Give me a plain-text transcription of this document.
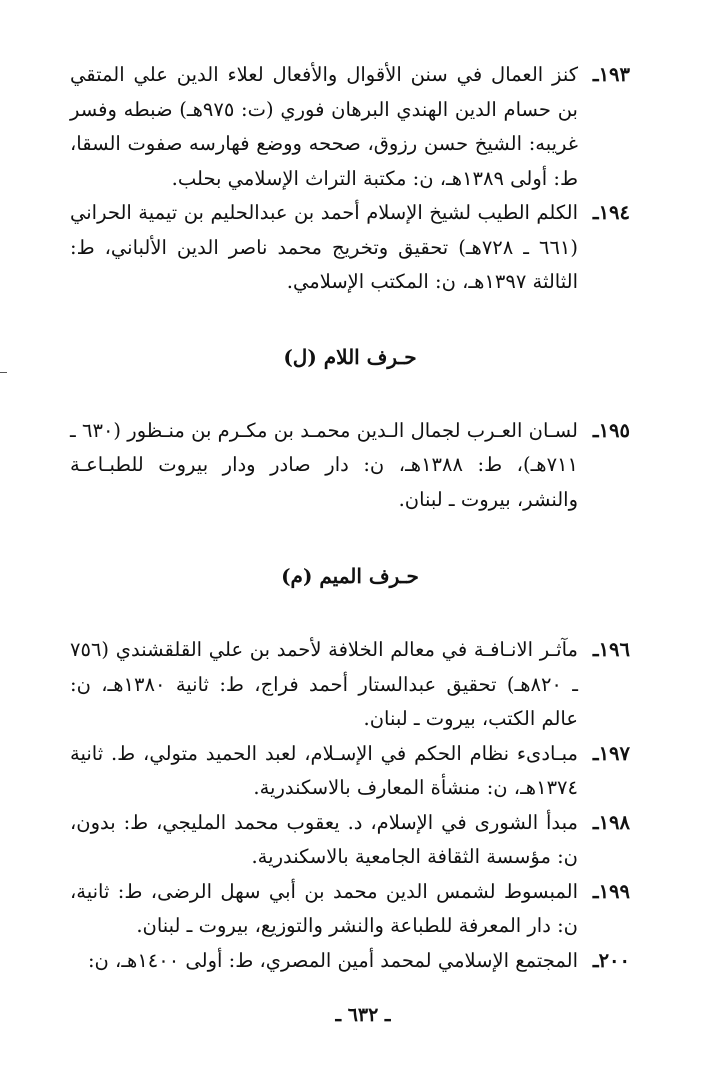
١٩٣ـ
كنز العمال في سنن الأقوال والأفعال لعلاء الدين علي المتقي بن حسام الدين الهندي البرهان فوري (ت: ٩٧٥هـ) ضبطه وفسر غريبه: الشيخ حسن رزوق، صححه ووضع فهارسه صفوت السقا، ط: أولى ١٣٨٩هـ، ن: مكتبة التراث الإسلامي بحلب.
١٩٤ـ
الكلم الطيب لشيخ الإسلام أحمد بن عبدالحليم بن تيمية الحراني (٦٦١ ـ ٧٢٨هـ) تحقيق وتخريج محمد ناصر الدين الألباني، ط: الثالثة ١٣٩٧هـ، ن: المكتب الإسلامي.
حـرف اللام (ل)
١٩٥ـ
لسـان العـرب لجمال الـدين محمـد بن مكـرم بن منـظور (٦٣٠ ـ ٧١١هـ)، ط: ١٣٨٨هـ، ن: دار صادر ودار بيروت للطبـاعـة والنشر، بيروت ـ لبنان.
حـرف الميم (م)
١٩٦ـ
مآثـر الانـافـة في معالم الخلافة لأحمد بن علي القلقشندي (٧٥٦ ـ ٨٢٠هـ) تحقيق عبدالستار أحمد فراج، ط: ثانية ١٣٨٠هـ، ن: عالم الكتب، بيروت ـ لبنان.
١٩٧ـ
مبـادىء نظام الحكم في الإسـلام، لعبد الحميد متولي، ط. ثانية ١٣٧٤هـ، ن: منشأة المعارف بالاسكندرية.
١٩٨ـ
مبدأ الشورى في الإسلام، د. يعقوب محمد المليجي، ط: بدون، ن: مؤسسة الثقافة الجامعية بالاسكندرية.
١٩٩ـ
المبسوط لشمس الدين محمد بن أبي سهل الرضى، ط: ثانية، ن: دار المعرفة للطباعة والنشر والتوزيع، بيروت ـ لبنان.
٢٠٠ـ
المجتمع الإسلامي لمحمد أمين المصري، ط: أولى ١٤٠٠هـ، ن:
ـ ٦٣٢ ـ
